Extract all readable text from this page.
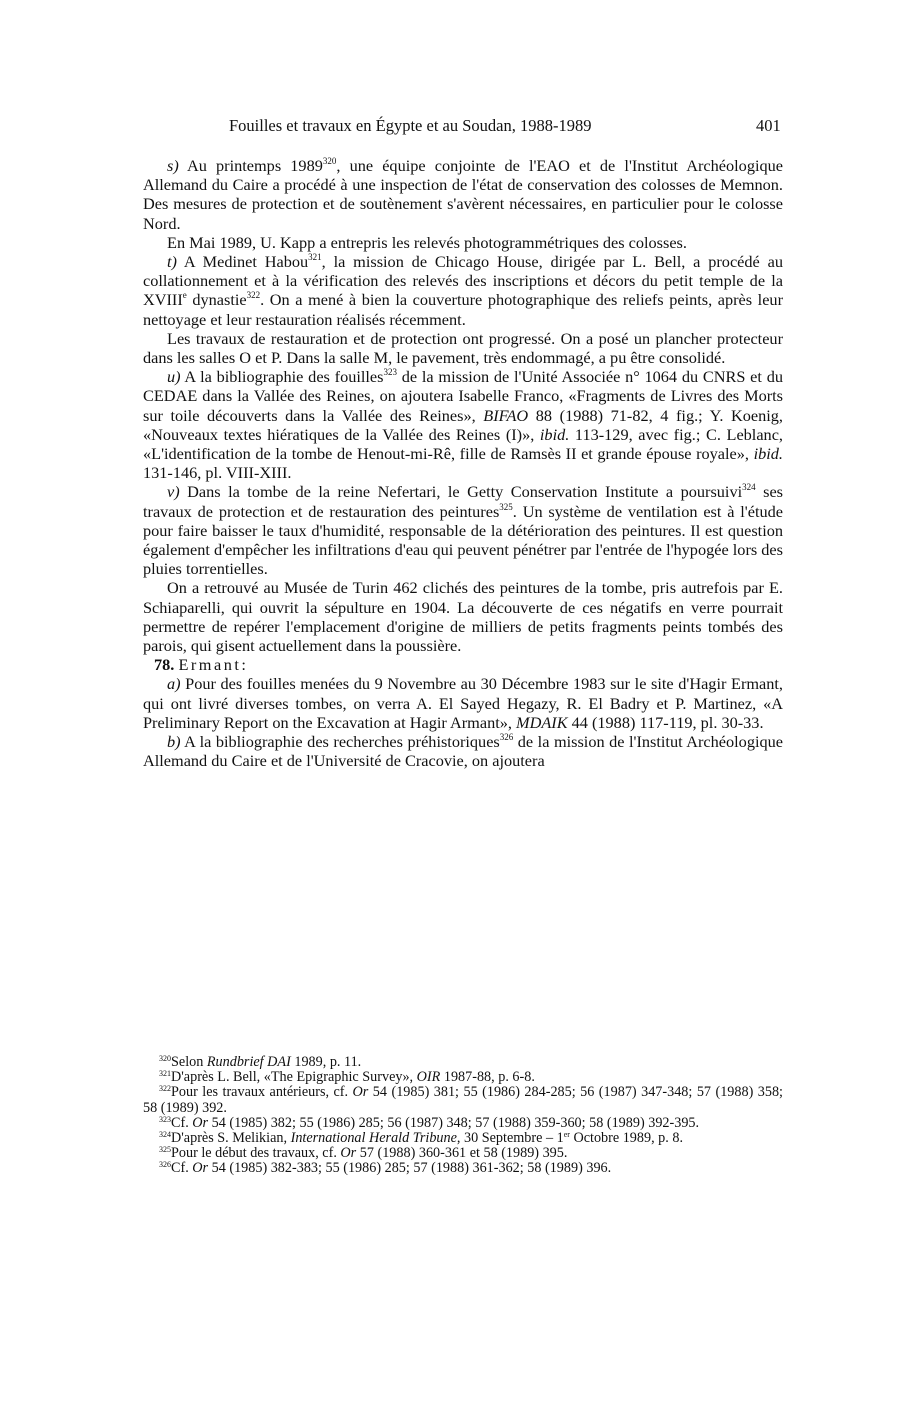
Fouilles et travaux en Égypte et au Soudan, 1988-1989	401

s) Au printemps 1989$^{320}$, une équipe conjointe de l'EAO et de l'Institut Archéologique Allemand du Caire a procédé à une inspection de l'état de conservation des colosses de Memnon. Des mesures de protection et de soutènement s'avèrent nécessaires, en particulier pour le colosse Nord.

En Mai 1989, U. Kapp a entrepris les relevés photogrammétriques des colosses.

t) A Medinet Habou$^{321}$, la mission de Chicago House, dirigée par L. Bell, a procédé au collationnement et à la vérification des relevés des inscriptions et décors du petit temple de la XVIIIe dynastie$^{322}$. On a mené à bien la couverture photographique des reliefs peints, après leur nettoyage et leur restauration réalisés récemment.

Les travaux de restauration et de protection ont progressé. On a posé un plancher protecteur dans les salles O et P. Dans la salle M, le pavement, très endommagé, a pu être consolidé.

u) A la bibliographie des fouilles$^{323}$ de la mission de l'Unité Associée n° 1064 du CNRS et du CEDAE dans la Vallée des Reines, on ajoutera Isabelle Franco, «Fragments de Livres des Morts sur toile découverts dans la Vallée des Reines», BIFAO 88 (1988) 71-82, 4 fig.; Y. Koenig, «Nouveaux textes hiératiques de la Vallée des Reines (I)», ibid. 113-129, avec fig.; C. Leblanc, «L'identification de la tombe de Henout-mi-Rê, fille de Ramsès II et grande épouse royale», ibid. 131-146, pl. VIII-XIII.

v) Dans la tombe de la reine Nefertari, le Getty Conservation Institute a poursuivi$^{324}$ ses travaux de protection et de restauration des peintures$^{325}$. Un système de ventilation est à l'étude pour faire baisser le taux d'humidité, responsable de la détérioration des peintures. Il est question également d'empêcher les infiltrations d'eau qui peuvent pénétrer par l'entrée de l'hypogée lors des pluies torrentielles.

On a retrouvé au Musée de Turin 462 clichés des peintures de la tombe, pris autrefois par E. Schiaparelli, qui ouvrit la sépulture en 1904. La découverte de ces négatifs en verre pourrait permettre de repérer l'emplacement d'origine de milliers de petits fragments peints tombés des parois, qui gisent actuellement dans la poussière.

78. Ermant:

a) Pour des fouilles menées du 9 Novembre au 30 Décembre 1983 sur le site d'Hagir Ermant, qui ont livré diverses tombes, on verra A. El Sayed Hegazy, R. El Badry et P. Martinez, «A Preliminary Report on the Excavation at Hagir Armant», MDAIK 44 (1988) 117-119, pl. 30-33.

b) A la bibliographie des recherches préhistoriques$^{326}$ de la mission de l'Institut Archéologique Allemand du Caire et de l'Université de Cracovie, on ajoutera

$^{320}$Selon Rundbrief DAI 1989, p. 11.

$^{321}$D'après L. Bell, «The Epigraphic Survey», OIR 1987-88, p. 6-8.

$^{322}$Pour les travaux antérieurs, cf. Or 54 (1985) 381; 55 (1986) 284-285; 56 (1987) 347-348; 57 (1988) 358; 58 (1989) 392.

$^{323}$Cf. Or 54 (1985) 382; 55 (1986) 285; 56 (1987) 348; 57 (1988) 359-360; 58 (1989) 392-395.

$^{324}$D'après S. Melikian, International Herald Tribune, 30 Septembre – 1er Octobre 1989, p. 8.

$^{325}$Pour le début des travaux, cf. Or 57 (1988) 360-361 et 58 (1989) 395.

$^{326}$Cf. Or 54 (1985) 382-383; 55 (1986) 285; 57 (1988) 361-362; 58 (1989) 396.
